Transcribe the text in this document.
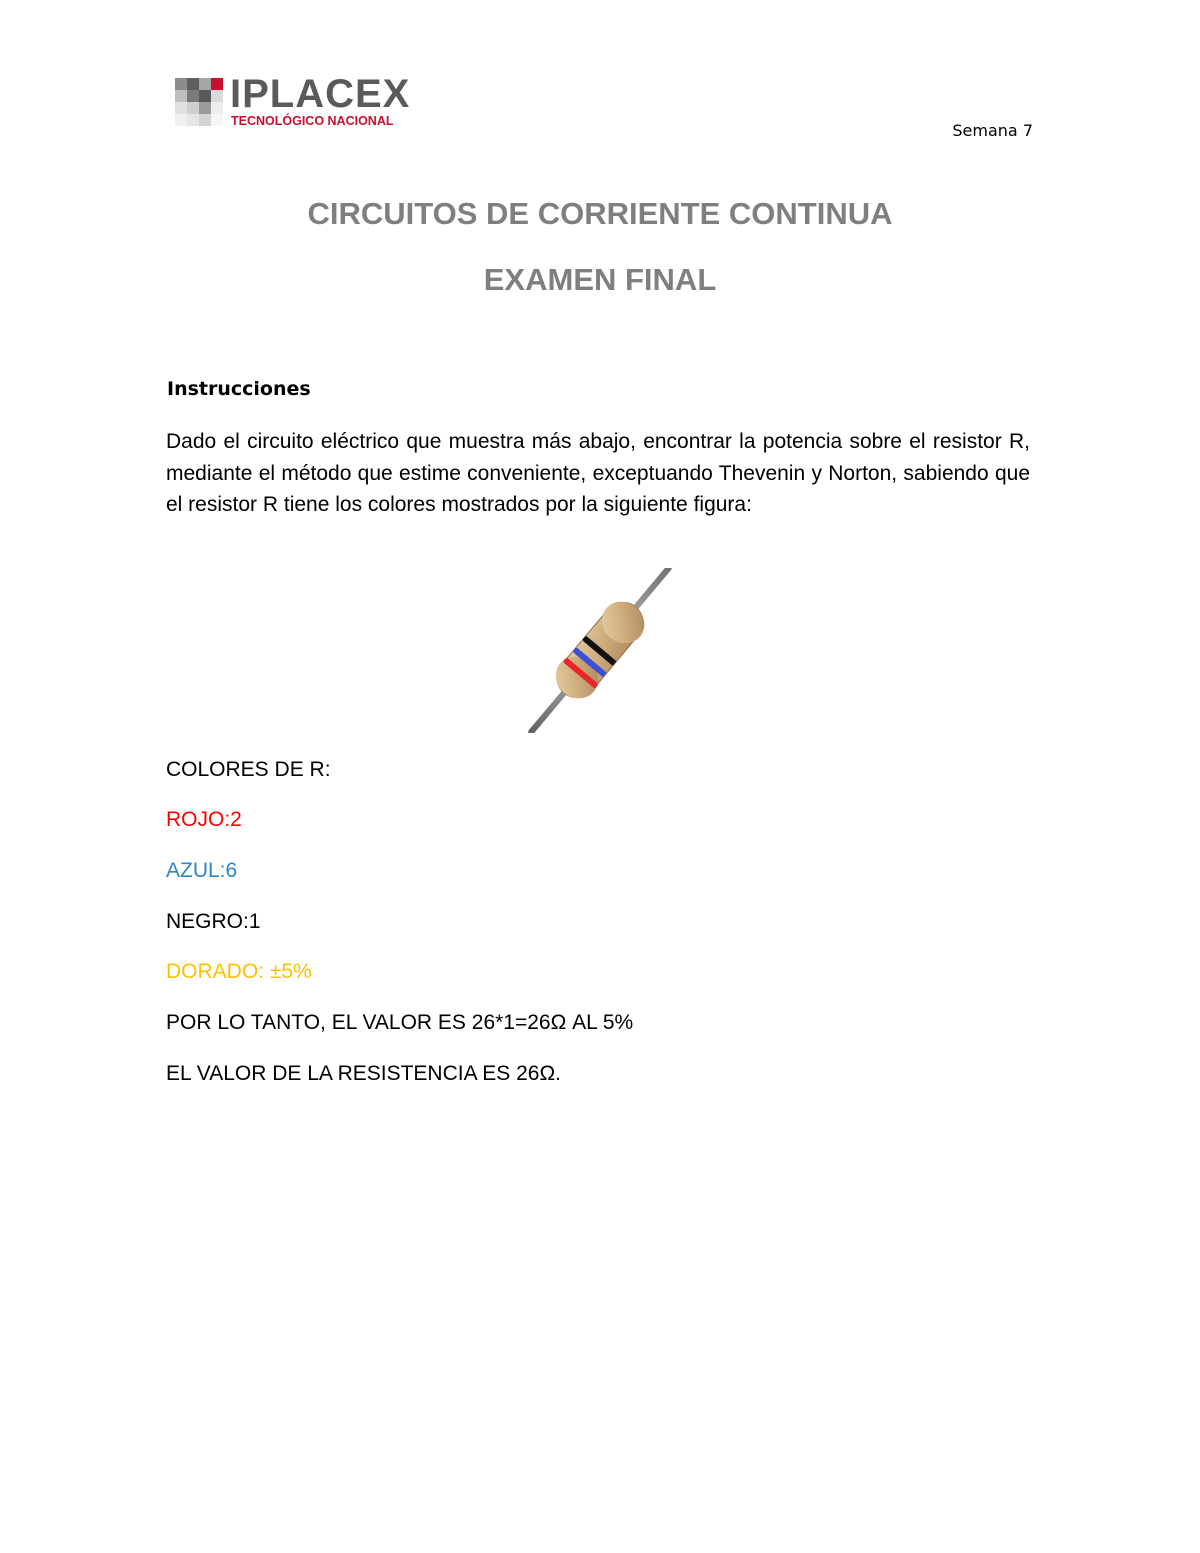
IPLACEX
TECNOLÓGICO NACIONAL	Semana 7
CIRCUITOS DE CORRIENTE CONTINUA
EXAMEN FINAL
Instrucciones
Dado el circuito eléctrico que muestra más abajo, encontrar la potencia sobre el resistor R, mediante el método que estime conveniente, exceptuando Thevenin y Norton, sabiendo que el resistor R tiene los colores mostrados por la siguiente figura:
COLORES DE R:
ROJO:2
AZUL:6
NEGRO:1
DORADO: ±5%
POR LO TANTO, EL VALOR ES 26*1=26Ω AL 5%
EL VALOR DE LA RESISTENCIA ES 26Ω.
